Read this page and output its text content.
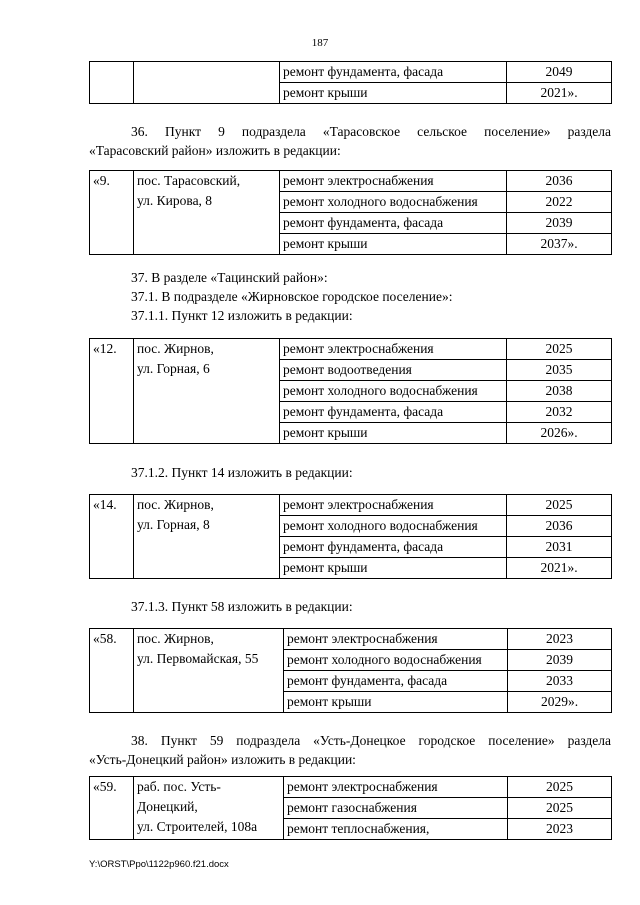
187
		ремонт фундамента, фасада	2049
		ремонт крыши	2021».
36. Пункт 9 подраздела «Тарасовское сельское поселение» раздела
«Тарасовский район» изложить в редакции:
«9.	пос. Тарасовский,
ул. Кирова, 8	ремонт электроснабжения	2036
		ремонт холодного водоснабжения	2022
		ремонт фундамента, фасада	2039
		ремонт крыши	2037».
37. В разделе «Тацинский район»:
37.1. В подразделе «Жирновское городское поселение»:
37.1.1. Пункт 12 изложить в редакции:
«12.	пос. Жирнов,
ул. Горная, 6	ремонт электроснабжения	2025
		ремонт водоотведения	2035
		ремонт холодного водоснабжения	2038
		ремонт фундамента, фасада	2032
		ремонт крыши	2026».
37.1.2. Пункт 14 изложить в редакции:
«14.	пос. Жирнов,
ул. Горная, 8	ремонт электроснабжения	2025
		ремонт холодного водоснабжения	2036
		ремонт фундамента, фасада	2031
		ремонт крыши	2021».
37.1.3. Пункт 58 изложить в редакции:
«58.	пос. Жирнов,
ул. Первомайская, 55	ремонт электроснабжения	2023
		ремонт холодного водоснабжения	2039
		ремонт фундамента, фасада	2033
		ремонт крыши	2029».
38. Пункт 59 подраздела «Усть-Донецкое городское поселение» раздела
«Усть-Донецкий район» изложить в редакции:
«59.	раб. пос. Усть-
Донецкий,
ул. Строителей, 108а	ремонт электроснабжения	2025
		ремонт газоснабжения	2025
		ремонт теплоснабжения,	2023
Y:\ORST\Ppo\1122p960.f21.docx
